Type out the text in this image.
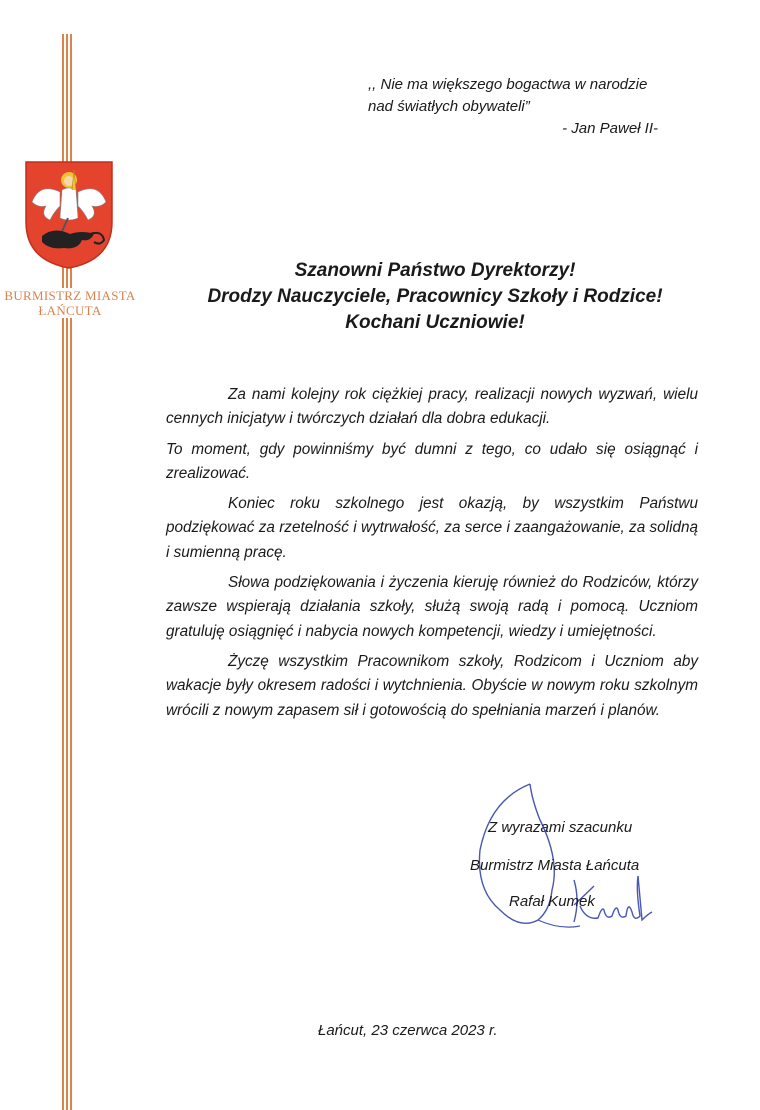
BURMISTRZ MIASTA
ŁAŃCUTA
,, Nie ma większego bogactwa w narodzie
nad światłych obywateli”
- Jan Paweł II-
Szanowni Państwo Dyrektorzy!
Drodzy Nauczyciele, Pracownicy Szkoły i Rodzice!
Kochani Uczniowie!

Za nami kolejny rok ciężkiej pracy, realizacji nowych wyzwań, wielu cennych inicjatyw i twórczych działań dla dobra edukacji.

To moment, gdy powinniśmy być dumni z tego, co udało się osiągnąć i zrealizować.

Koniec roku szkolnego jest okazją, by wszystkim Państwu podziękować za rzetelność i wytrwałość, za serce i zaangażowanie, za solidną i sumienną pracę.

Słowa podziękowania i życzenia kieruję również do Rodziców, którzy zawsze wspierają działania szkoły, służą swoją radą i pomocą. Uczniom gratuluję osiągnięć i nabycia nowych kompetencji, wiedzy i umiejętności.

Życzę wszystkim Pracownikom szkoły, Rodzicom i Uczniom aby wakacje były okresem radości i wytchnienia. Obyście w nowym roku szkolnym wrócili z nowym zapasem sił i gotowością do spełniania marzeń i planów.

Z wyrazami szacunku
Burmistrz Miasta Łańcuta
Rafał Kumek
Łańcut, 23 czerwca 2023 r.
